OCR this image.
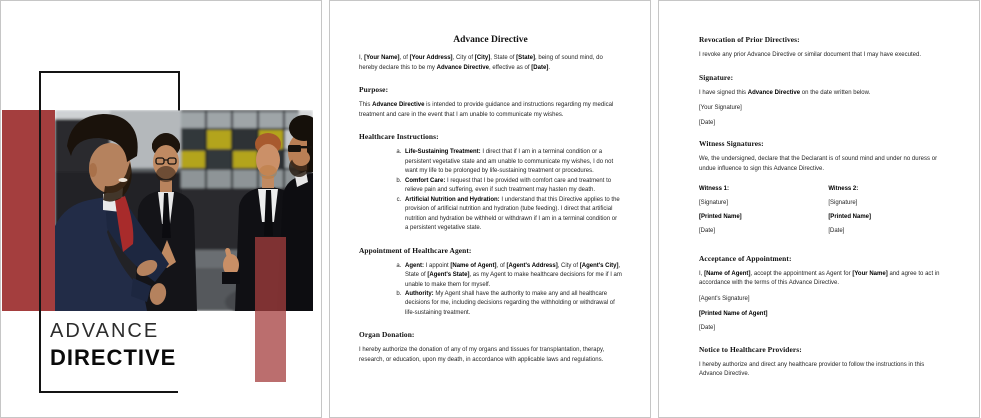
ADVANCE
DIRECTIVE
Advance Directive

I, [Your Name], of [Your Address], City of [City], State of [State], being of sound mind, do hereby declare this to be my Advance Directive, effective as of [Date].

Purpose:

This Advance Directive is intended to provide guidance and instructions regarding my medical treatment and care in the event that I am unable to communicate my wishes.

Healthcare Instructions:
a. Life-Sustaining Treatment: I direct that if I am in a terminal condition or a persistent vegetative state and am unable to communicate my wishes, I do not want my life to be prolonged by life-sustaining treatment or procedures.
b. Comfort Care: I request that I be provided with comfort care and treatment to relieve pain and suffering, even if such treatment may hasten my death.
c. Artificial Nutrition and Hydration: I understand that this Directive applies to the provision of artificial nutrition and hydration (tube feeding). I direct that artificial nutrition and hydration be withheld or withdrawn if I am in a terminal condition or a persistent vegetative state.
Appointment of Healthcare Agent:
a. Agent: I appoint [Name of Agent], of [Agent's Address], City of [Agent's City], State of [Agent's State], as my Agent to make healthcare decisions for me if I am unable to make them for myself.
b. Authority: My Agent shall have the authority to make any and all healthcare decisions for me, including decisions regarding the withholding or withdrawal of life-sustaining treatment.
Organ Donation:

I hereby authorize the donation of any of my organs and tissues for transplantation, therapy, research, or education, upon my death, in accordance with applicable laws and regulations.

Revocation of Prior Directives:

I revoke any prior Advance Directive or similar document that I may have executed.

Signature:

I have signed this Advance Directive on the date written below.

[Your Signature]
[Date]
Witness Signatures:

We, the undersigned, declare that the Declarant is of sound mind and under no duress or undue influence to sign this Advance Directive.

Witness 1:
[Signature]
[Printed Name]
[Date]
Witness 2:
[Signature]
[Printed Name]
[Date]
Acceptance of Appointment:

I, [Name of Agent], accept the appointment as Agent for [Your Name] and agree to act in accordance with the terms of this Advance Directive.

[Agent's Signature]
[Printed Name of Agent]
[Date]
Notice to Healthcare Providers:

I hereby authorize and direct any healthcare provider to follow the instructions in this Advance Directive.
